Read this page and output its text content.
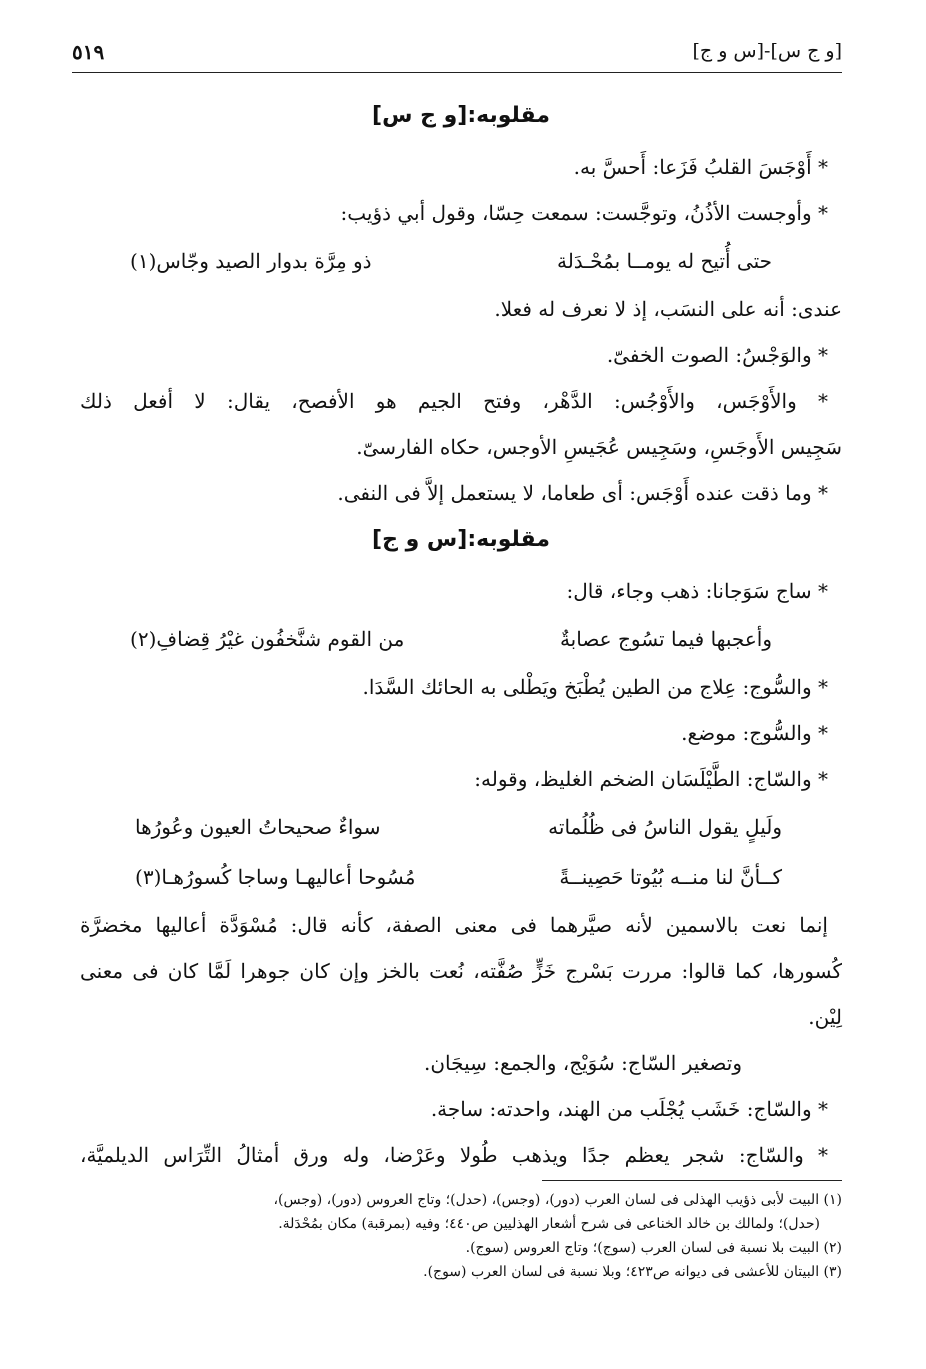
[و ج س]-[س و ج]
٥١٩
مقلوبه:[و ج س]
* أَوْجَسَ القلبُ فَزَعا: أَحسَّ به.
* وأوجست الأذُنُ، وتوجَّست: سمعت حِسّا، وقول أبي ذؤيب:
حتى أُتيح له يومــا بمُحْـدَلة
ذو مِرَّة بدوار الصيد وجّاس(١)
عندى: أنه على النسَب، إذ لا نعرف له فعلا.
* والوَجْسُ: الصوت الخفىّ.
* والأَوْجَس، والأَوْجُس: الدَّهْر، وفتح الجيم هو الأفصح، يقال: لا أفعل ذلك
سَجِيس الأَوجَسِ، وسَجِيس عُجَيسِ الأوجس، حكاه الفارسىّ.
* وما ذقت عنده أَوْجَس: أى طعاما، لا يستعمل إلاَّ فى النفى.
مقلوبه:[س و ج]
* ساج سَوَجانا: ذهب وجاء، قال:
وأعجبها فيما تسُوج عصابةٌ
من القوم شنَّخفُون غيْرُ قِضافِ(٢)
* والسُّوج: عِلاج من الطين يُطْبَخ ويَطْلى به الحائك السَّدَا.
* والسُّوج: موضع.
* والسّاج: الطَّيْلَسَان الضخم الغليظ، وقوله:
ولَيلٍ يقول الناسُ فى ظُلُماته
سواءٌ صحيحاتُ العيون وعُورُها
كــأنَّ لنا منــه بُيُوتا حَصِينــةً
مُسُوحا أعاليهـا وساجا كُسورُهـا(٣)
إنما نعت بالاسمين لأنه صيَّرهما فى معنى الصفة، كأنه قال: مُسْوَدَّة أعاليها مخضرَّة
كُسورها، كما قالوا: مررت بَسْرج خَزٍّ صُفَّته، نُعت بالخز وإن كان جوهرا لَمَّا كان فى معنى
لِيْن.
وتصغير السّاج: سُوَيْج، والجمع: سِيجَان.
* والسّاج: خَشَب يُجْلَب من الهند، واحدته: ساجة.
* والسّاج: شجر يعظم جدًا ويذهب طُولا وعَرْضا، وله ورق أمثالُ التِّرَاس الديلميَّة،
(١) البيت لأبى ذؤيب الهذلى فى لسان العرب (دور)، (وجس)، (حدل)؛ وتاج العروس (دور)، (وجس)،
(حدل)؛ ولمالك بن خالد الخناعى فى شرح أشعار الهذليين ص٤٤٠؛ وفيه (بمرقبة) مكان بمُحْدَلة.
(٢) البيت بلا نسبة فى لسان العرب (سوج)؛ وتاج العروس (سوج).
(٣) البيتان للأعشى فى ديوانه ص٤٢٣؛ وبلا نسبة فى لسان العرب (سوج).
